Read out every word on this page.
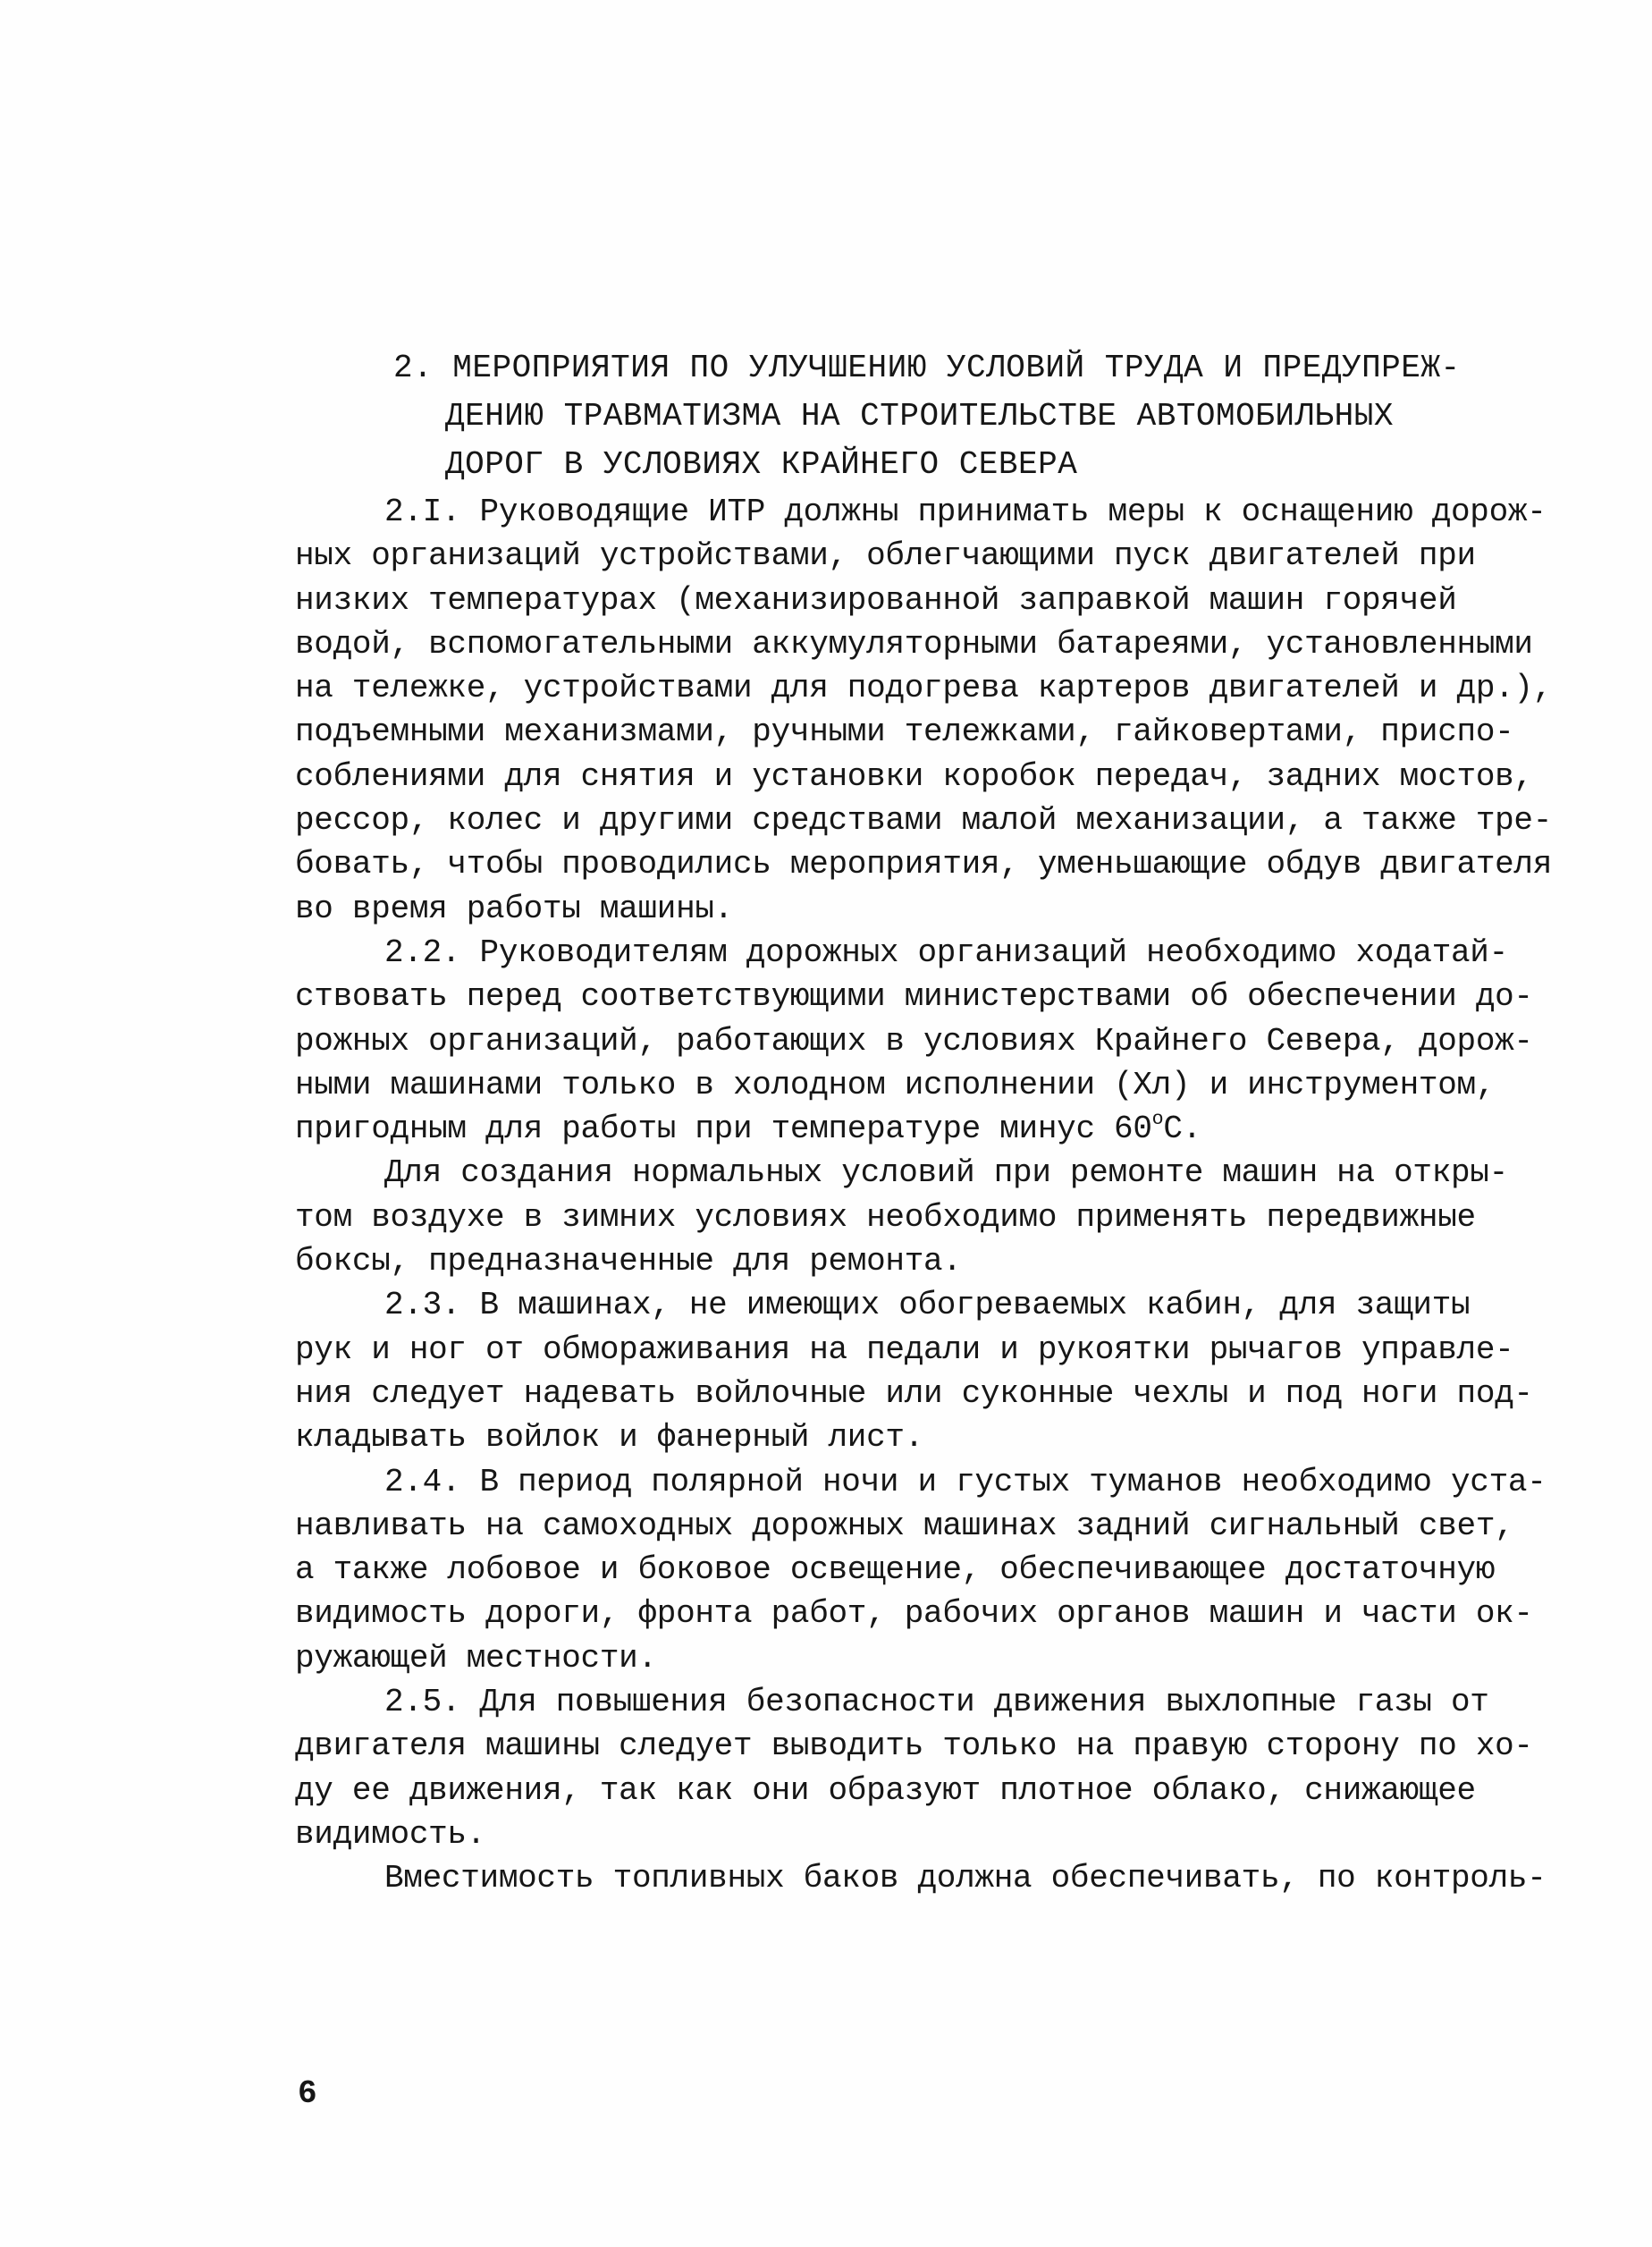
2. МЕРОПРИЯТИЯ ПО УЛУЧШЕНИЮ УСЛОВИЙ ТРУДА И ПРЕДУПРЕЖ-
ДЕНИЮ ТРАВМАТИЗМА НА СТРОИТЕЛЬСТВЕ АВТОМОБИЛЬНЫХ
ДОРОГ В УСЛОВИЯХ КРАЙНЕГО СЕВЕРА
2.I. Руководящие ИТР должны принимать меры к оснащению дорож-
ных организаций устройствами, облегчающими пуск двигателей при
низких температурах (механизированной заправкой машин горячей
водой, вспомогательными аккумуляторными батареями, установленными
на тележке, устройствами для подогрева картеров двигателей и др.),
подъемными механизмами, ручными тележками, гайковертами, приспо-
соблениями для снятия и установки коробок передач, задних мостов,
рессор, колес и другими средствами малой механизации, а также тре-
бовать, чтобы проводились мероприятия, уменьшающие обдув двигателя
во время работы машины.
2.2. Руководителям дорожных организаций необходимо ходатай-
ствовать перед соответствующими министерствами об обеспечении до-
рожных организаций, работающих в условиях Крайнего Севера, дорож-
ными машинами только в холодном исполнении (Хл) и инструментом,
пригодным для работы при температуре минус $60^оС$.
Для создания нормальных условий при ремонте машин на откры-
том воздухе в зимних условиях необходимо применять передвижные
боксы, предназначенные для ремонта.
2.3. В машинах, не имеющих обогреваемых кабин, для защиты
рук и ног от обмораживания на педали и рукоятки рычагов управле-
ния следует надевать войлочные или суконные чехлы и под ноги под-
кладывать войлок и фанерный лист.
2.4. В период полярной ночи и густых туманов необходимо уста-
навливать на самоходных дорожных машинах задний сигнальный свет,
а также лобовое и боковое освещение, обеспечивающее достаточную
видимость дороги, фронта работ, рабочих органов машин и части ок-
ружающей местности.
2.5. Для повышения безопасности движения выхлопные газы от
двигателя машины следует выводить только на правую сторону по хо-
ду ее движения, так как они образуют плотное облако, снижающее
видимость.
Вместимость топливных баков должна обеспечивать, по контроль-
6
